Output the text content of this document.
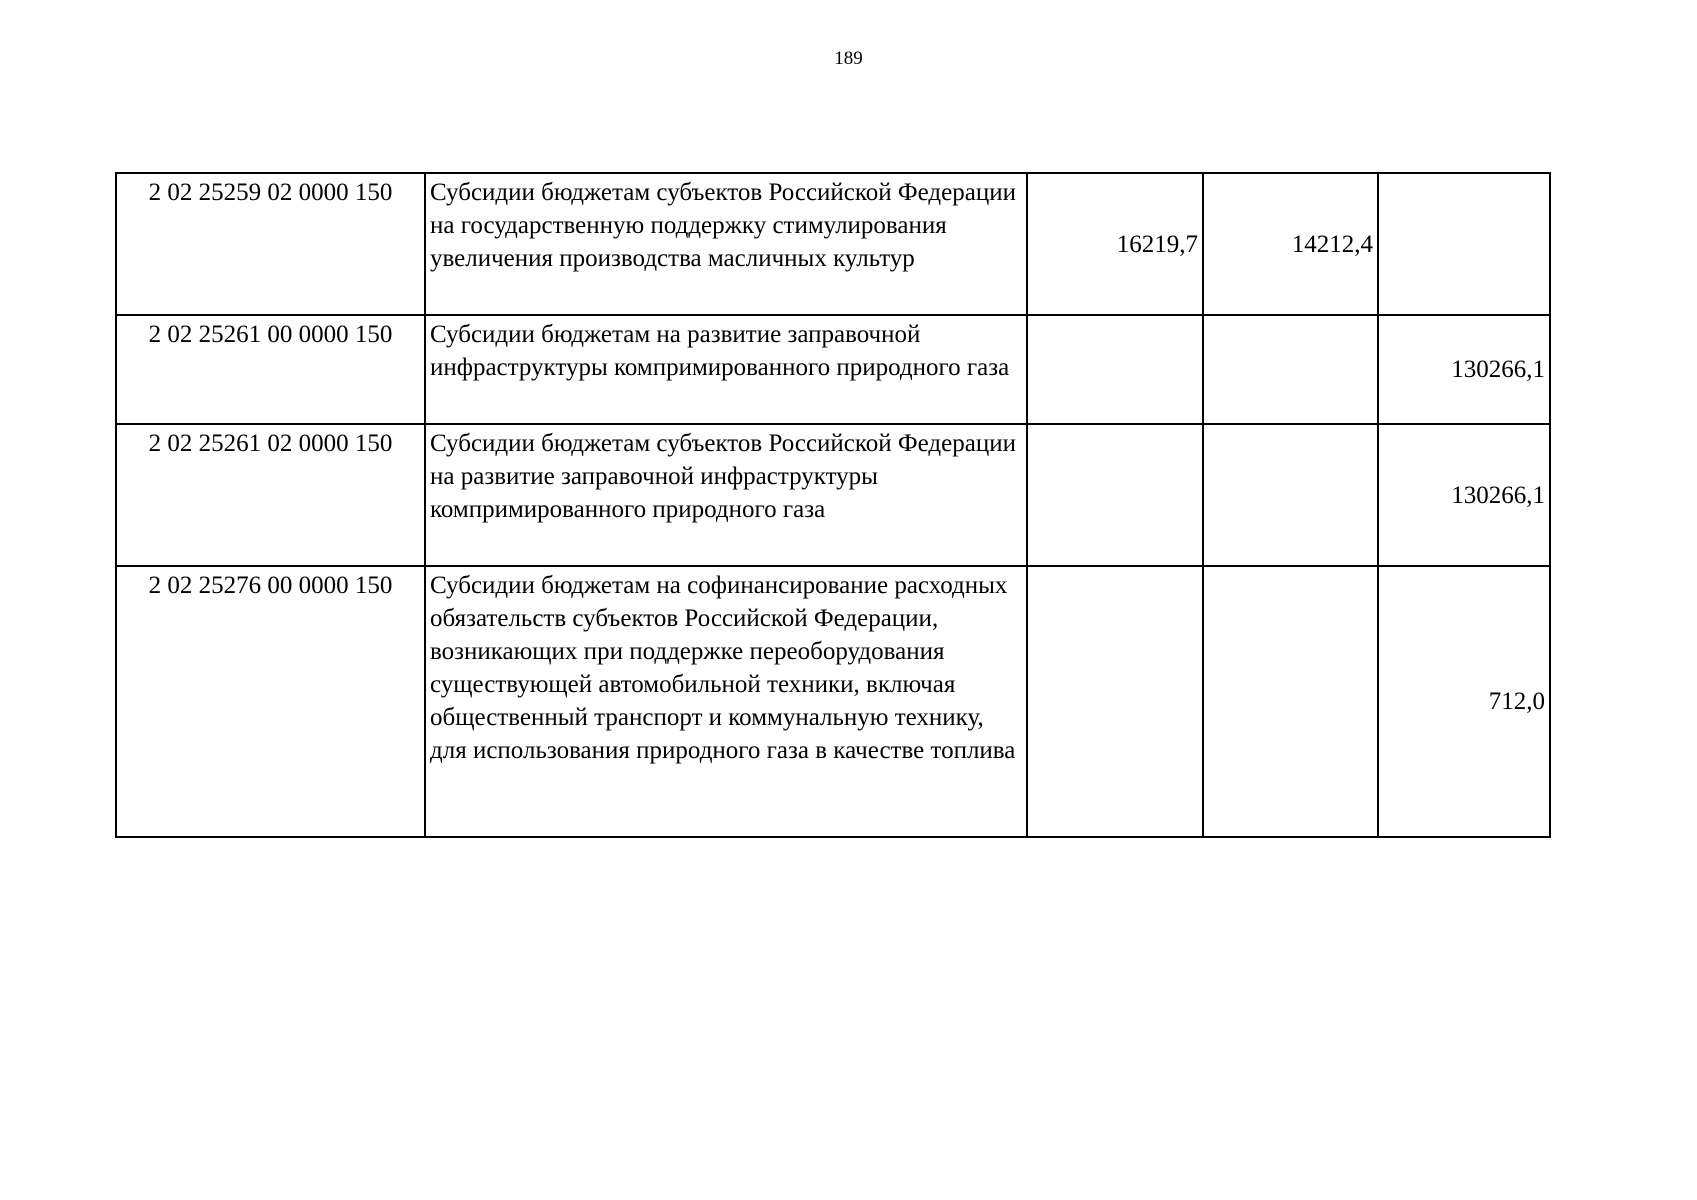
189
2 02 25259 02 0000 150	Субсидии бюджетам субъектов Российской Федерации на государственную поддержку стимулирования увеличения производства масличных культур	16219,7	14212,4	
2 02 25261 00 0000 150	Субсидии бюджетам на развитие заправочной инфраструктуры компримированного природного газа			130266,1
2 02 25261 02 0000 150	Субсидии бюджетам субъектов Российской Федерации на развитие заправочной инфраструктуры компримированного природного газа			130266,1
2 02 25276 00 0000 150	Субсидии бюджетам на софинансирование расходных обязательств субъектов Российской Федерации, возникающих при поддержке переоборудования существующей автомобильной техники, включая общественный транспорт и коммунальную технику, для использования природного газа в качестве топлива			712,0
